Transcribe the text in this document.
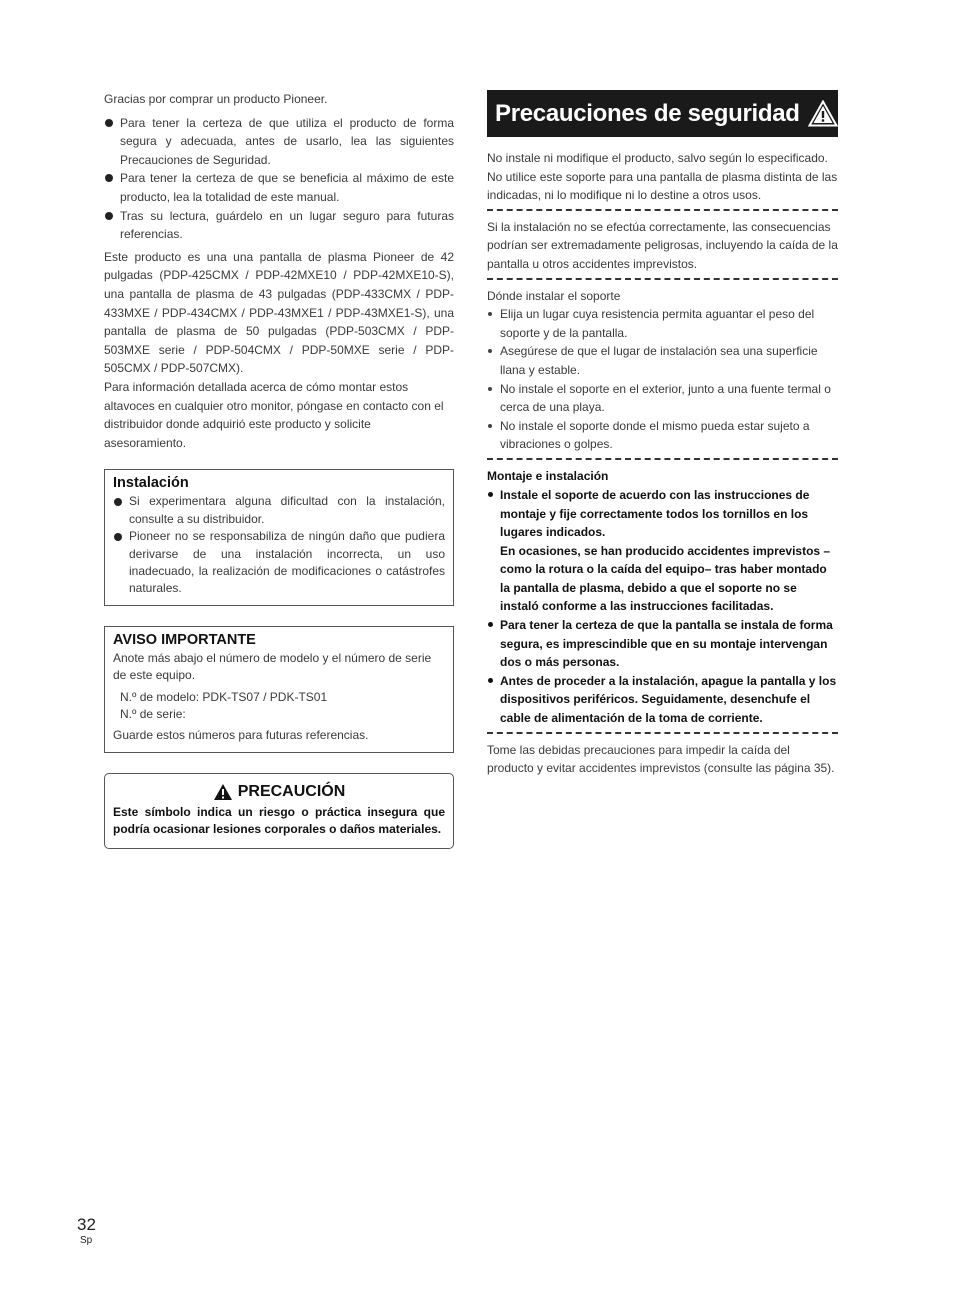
Gracias por comprar un producto Pioneer.

Para tener la certeza de que utiliza el producto de forma segura y adecuada, antes de usarlo, lea las siguientes Precauciones de Seguridad.
Para tener la certeza de que se beneficia al máximo de este producto, lea la totalidad de este manual.
Tras su lectura, guárdelo en un lugar seguro para futuras referencias.

Este producto es una una pantalla de plasma Pioneer de 42 pulgadas (PDP-425CMX / PDP-42MXE10 / PDP-42MXE10-S), una pantalla de plasma de 43 pulgadas (PDP-433CMX / PDP-433MXE / PDP-434CMX / PDP-43MXE1 / PDP-43MXE1-S), una pantalla de plasma de 50 pulgadas (PDP-503CMX / PDP-503MXE serie / PDP-504CMX / PDP-50MXE serie / PDP-505CMX / PDP-507CMX).

Para información detallada acerca de cómo montar estos altavoces en cualquier otro monitor, póngase en contacto con el distribuidor donde adquirió este producto y solicite asesoramiento.

Instalación
Si experimentara alguna dificultad con la instalación, consulte a su distribuidor.
Pioneer no se responsabiliza de ningún daño que pudiera derivarse de una instalación incorrecta, un uso inadecuado, la realización de modificaciones o catástrofes naturales.
AVISO IMPORTANTE

Anote más abajo el número de modelo y el número de serie de este equipo.

N.º de modelo: PDK-TS07 / PDK-TS01

N.º de serie:

Guarde estos números para futuras referencias.

PRECAUCIÓN

Este símbolo indica un riesgo o práctica insegura que podría ocasionar lesiones corporales o daños materiales.

Precauciones de seguridad

No instale ni modifique el producto, salvo según lo especificado. No utilice este soporte para una pantalla de plasma distinta de las indicadas, ni lo modifique ni lo destine a otros usos.

Si la instalación no se efectúa correctamente, las consecuencias podrían ser extremadamente peligrosas, incluyendo la caída de la pantalla u otros accidentes imprevistos.

Dónde instalar el soporte

Elija un lugar cuya resistencia permita aguantar el peso del soporte y de la pantalla.
Asegúrese de que el lugar de instalación sea una superficie llana y estable.
No instale el soporte en el exterior, junto a una fuente termal o cerca de una playa.
No instale el soporte donde el mismo pueda estar sujeto a vibraciones o golpes.

Montaje e instalación

Instale el soporte de acuerdo con las instrucciones de montaje y fije correctamente todos los tornillos en los lugares indicados.
En ocasiones, se han producido accidentes imprevistos –como la rotura o la caída del equipo– tras haber montado la pantalla de plasma, debido a que el soporte no se instaló conforme a las instrucciones facilitadas.
Para tener la certeza de que la pantalla se instala de forma segura, es imprescindible que en su montaje intervengan dos o más personas.
Antes de proceder a la instalación, apague la pantalla y los dispositivos periféricos. Seguidamente, desenchufe el cable de alimentación de la toma de corriente.

Tome las debidas precauciones para impedir la caída del producto y evitar accidentes imprevistos (consulte las página 35).

32
Sp
